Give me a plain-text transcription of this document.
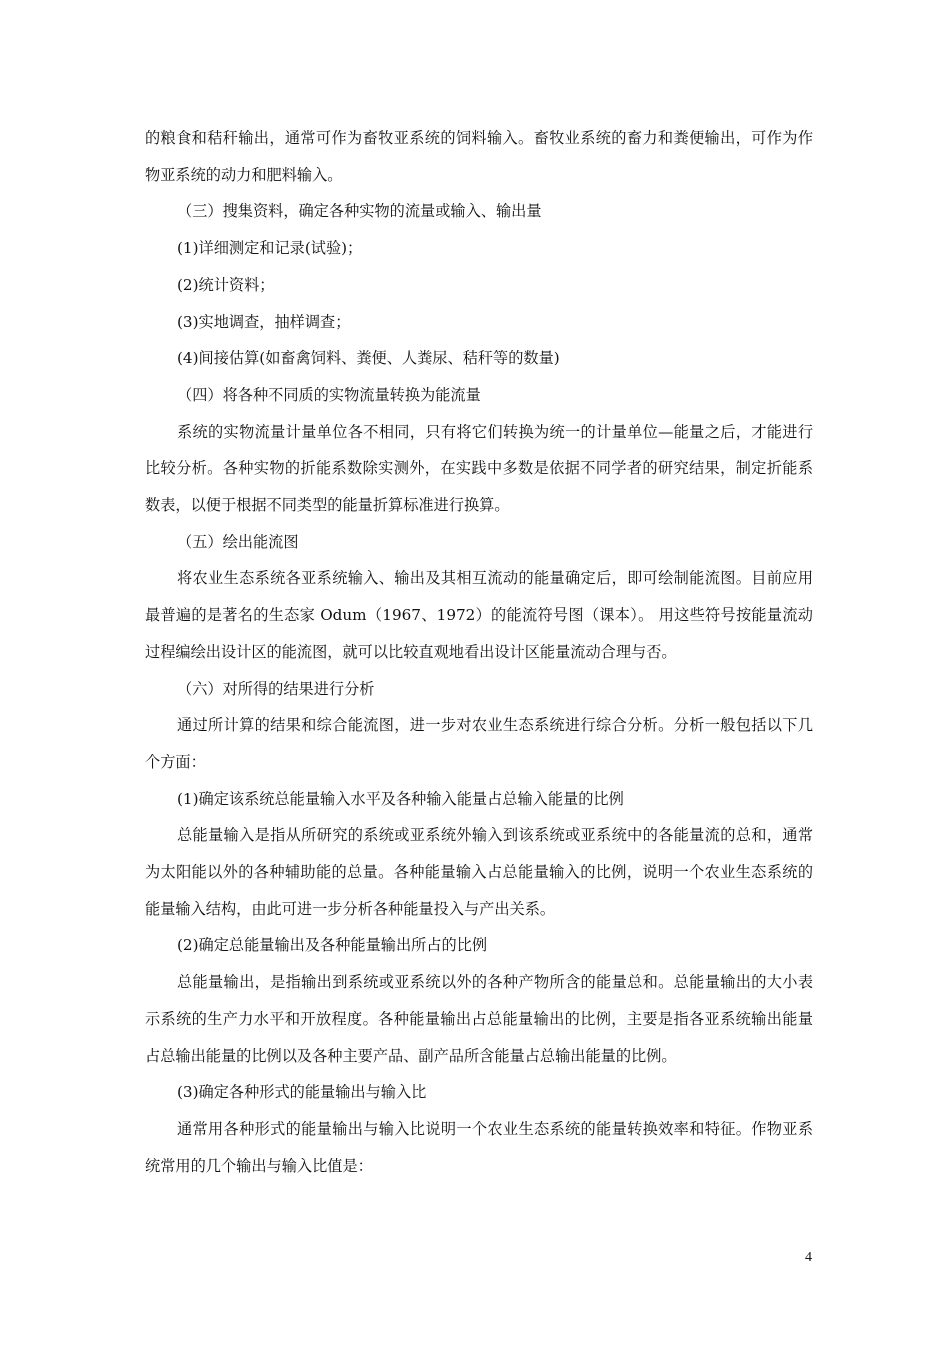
的粮食和秸秆输出，通常可作为畜牧亚系统的饲料输入。畜牧业系统的畜力和粪便输出，可作为作物亚系统的动力和肥料输入。

（三）搜集资料，确定各种实物的流量或输入、输出量

(1)详细测定和记录(试验)；

(2)统计资料；

(3)实地调查，抽样调查；

(4)间接估算(如畜禽饲料、粪便、人粪尿、秸秆等的数量)

（四）将各种不同质的实物流量转换为能流量

系统的实物流量计量单位各不相同，只有将它们转换为统一的计量单位—能量之后，才能进行比较分析。各种实物的折能系数除实测外，在实践中多数是依据不同学者的研究结果，制定折能系数表，以便于根据不同类型的能量折算标准进行换算。

（五）绘出能流图

将农业生态系统各亚系统输入、输出及其相互流动的能量确定后，即可绘制能流图。目前应用最普遍的是著名的生态家 Odum（1967、1972）的能流符号图（课本）。 用这些符号按能量流动过程编绘出设计区的能流图，就可以比较直观地看出设计区能量流动合理与否。

（六）对所得的结果进行分析

通过所计算的结果和综合能流图，进一步对农业生态系统进行综合分析。分析一般包括以下几个方面：

(1)确定该系统总能量输入水平及各种输入能量占总输入能量的比例

总能量输入是指从所研究的系统或亚系统外输入到该系统或亚系统中的各能量流的总和，通常为太阳能以外的各种辅助能的总量。各种能量输入占总能量输入的比例，说明一个农业生态系统的能量输入结构，由此可进一步分析各种能量投入与产出关系。

(2)确定总能量输出及各种能量输出所占的比例

总能量输出，是指输出到系统或亚系统以外的各种产物所含的能量总和。总能量输出的大小表示系统的生产力水平和开放程度。各种能量输出占总能量输出的比例，主要是指各亚系统输出能量占总输出能量的比例以及各种主要产品、副产品所含能量占总输出能量的比例。

(3)确定各种形式的能量输出与输入比

通常用各种形式的能量输出与输入比说明一个农业生态系统的能量转换效率和特征。作物亚系统常用的几个输出与输入比值是：

4
